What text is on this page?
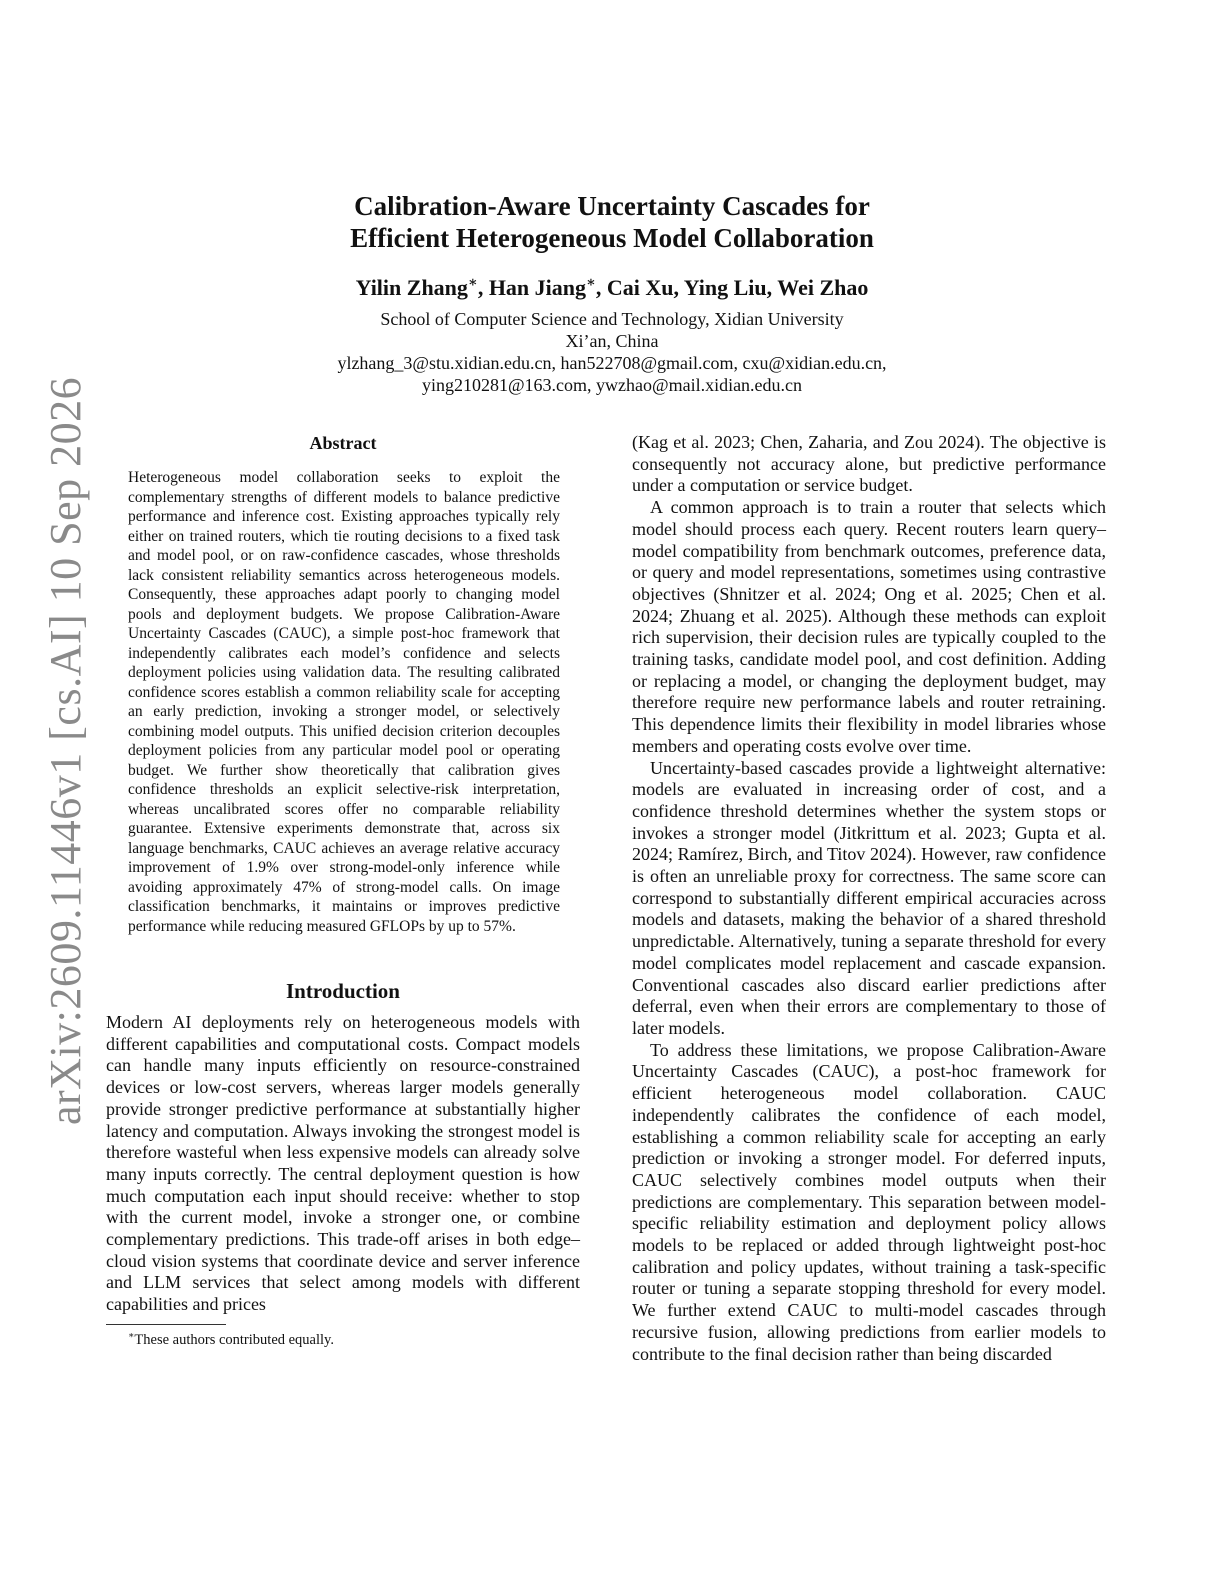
arXiv:2609.11446v1 [cs.AI] 10 Sep 2026
Calibration-Aware Uncertainty Cascades for
Efficient Heterogeneous Model Collaboration
Yilin Zhang∗, Han Jiang∗, Cai Xu, Ying Liu, Wei Zhao
School of Computer Science and Technology, Xidian University
Xi’an, China
ylzhang_3@stu.xidian.edu.cn, han522708@gmail.com, cxu@xidian.edu.cn,
ying210281@163.com, ywzhao@mail.xidian.edu.cn
Abstract

Heterogeneous model collaboration seeks to exploit the complementary strengths of different models to balance predictive performance and inference cost. Existing approaches typically rely either on trained routers, which tie routing decisions to a fixed task and model pool, or on raw-confidence cascades, whose thresholds lack consistent reliability semantics across heterogeneous models. Consequently, these approaches adapt poorly to changing model pools and deployment budgets. We propose Calibration-Aware Uncertainty Cascades (CAUC), a simple post-hoc framework that independently calibrates each model’s confidence and selects deployment policies using validation data. The resulting calibrated confidence scores establish a common reliability scale for accepting an early prediction, invoking a stronger model, or selectively combining model outputs. This unified decision criterion decouples deployment policies from any particular model pool or operating budget. We further show theoretically that calibration gives confidence thresholds an explicit selective-risk interpretation, whereas uncalibrated scores offer no comparable reliability guarantee. Extensive experiments demonstrate that, across six language benchmarks, CAUC achieves an average relative accuracy improvement of 1.9% over strong-model-only inference while avoiding approximately 47% of strong-model calls. On image classification benchmarks, it maintains or improves predictive performance while reducing measured GFLOPs by up to 57%.

Introduction

Modern AI deployments rely on heterogeneous models with different capabilities and computational costs. Compact models can handle many inputs efficiently on resource-constrained devices or low-cost servers, whereas larger models generally provide stronger predictive performance at substantially higher latency and computation. Always invoking the strongest model is therefore wasteful when less expensive models can already solve many inputs correctly. The central deployment question is how much computation each input should receive: whether to stop with the current model, invoke a stronger one, or combine complementary predictions. This trade-off arises in both edge–cloud vision systems that coordinate device and server inference and LLM services that select among models with different capabilities and prices

∗These authors contributed equally.

(Kag et al. 2023; Chen, Zaharia, and Zou 2024). The objective is consequently not accuracy alone, but predictive performance under a computation or service budget.

A common approach is to train a router that selects which model should process each query. Recent routers learn query–model compatibility from benchmark outcomes, preference data, or query and model representations, sometimes using contrastive objectives (Shnitzer et al. 2024; Ong et al. 2025; Chen et al. 2024; Zhuang et al. 2025). Although these methods can exploit rich supervision, their decision rules are typically coupled to the training tasks, candidate model pool, and cost definition. Adding or replacing a model, or changing the deployment budget, may therefore require new performance labels and router retraining. This dependence limits their flexibility in model libraries whose members and operating costs evolve over time.

Uncertainty-based cascades provide a lightweight alternative: models are evaluated in increasing order of cost, and a confidence threshold determines whether the system stops or invokes a stronger model (Jitkrittum et al. 2023; Gupta et al. 2024; Ramírez, Birch, and Titov 2024). However, raw confidence is often an unreliable proxy for correctness. The same score can correspond to substantially different empirical accuracies across models and datasets, making the behavior of a shared threshold unpredictable. Alternatively, tuning a separate threshold for every model complicates model replacement and cascade expansion. Conventional cascades also discard earlier predictions after deferral, even when their errors are complementary to those of later models.

To address these limitations, we propose Calibration-Aware Uncertainty Cascades (CAUC), a post-hoc framework for efficient heterogeneous model collaboration. CAUC independently calibrates the confidence of each model, establishing a common reliability scale for accepting an early prediction or invoking a stronger model. For deferred inputs, CAUC selectively combines model outputs when their predictions are complementary. This separation between model-specific reliability estimation and deployment policy allows models to be replaced or added through lightweight post-hoc calibration and policy updates, without training a task-specific router or tuning a separate stopping threshold for every model. We further extend CAUC to multi-model cascades through recursive fusion, allowing predictions from earlier models to contribute to the final decision rather than being discarded
